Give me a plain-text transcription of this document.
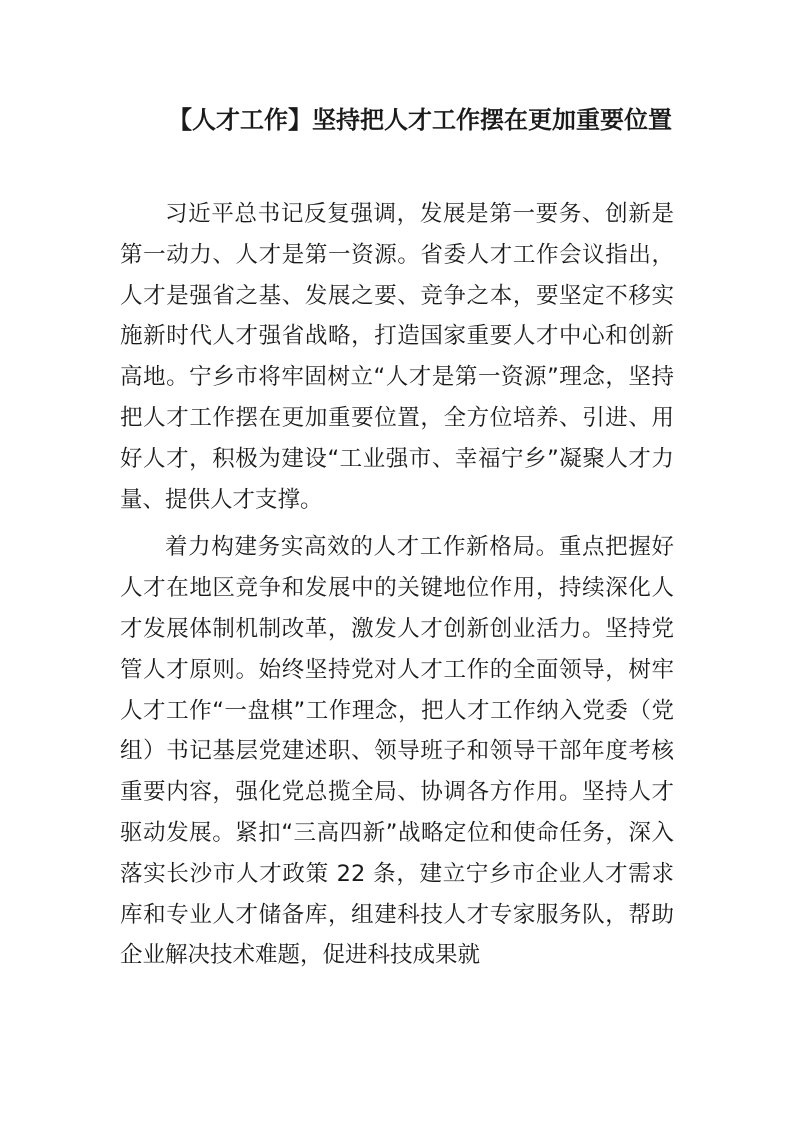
【人才工作】坚持把人才工作摆在更加重要位置

习近平总书记反复强调，发展是第一要务、创新是第一动力、人才是第一资源。省委人才工作会议指出，人才是强省之基、发展之要、竞争之本，要坚定不移实施新时代人才强省战略，打造国家重要人才中心和创新高地。宁乡市将牢固树立“人才是第一资源”理念，坚持把人才工作摆在更加重要位置，全方位培养、引进、用好人才，积极为建设“工业强市、幸福宁乡”凝聚人才力量、提供人才支撑。

着力构建务实高效的人才工作新格局。重点把握好人才在地区竞争和发展中的关键地位作用，持续深化人才发展体制机制改革，激发人才创新创业活力。坚持党管人才原则。始终坚持党对人才工作的全面领导，树牢人才工作“一盘棋”工作理念，把人才工作纳入党委（党组）书记基层党建述职、领导班子和领导干部年度考核重要内容，强化党总揽全局、协调各方作用。坚持人才驱动发展。紧扣“三高四新”战略定位和使命任务，深入落实长沙市人才政策 22 条，建立宁乡市企业人才需求库和专业人才储备库，组建科技人才专家服务队，帮助企业解决技术难题，促进科技成果就
